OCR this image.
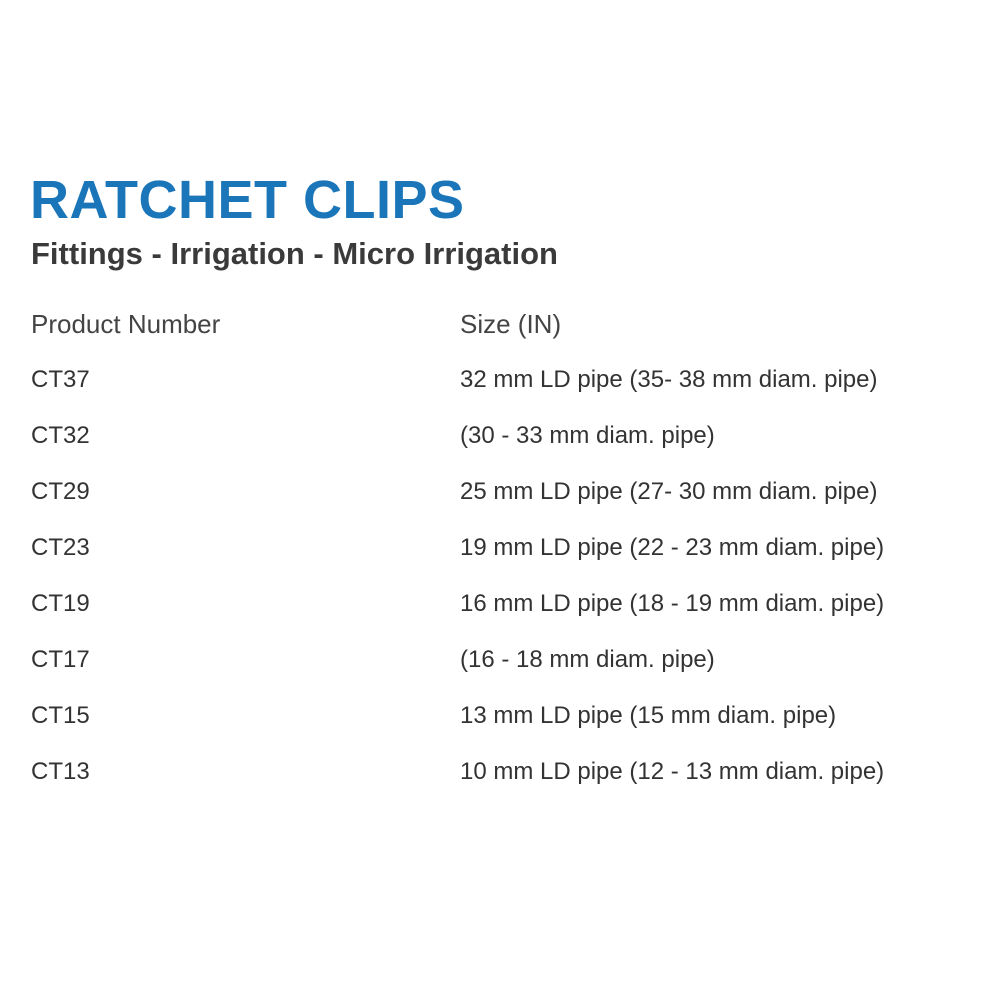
RATCHET CLIPS
Fittings - Irrigation - Micro Irrigation
Product Number	Size (IN)
CT37	32 mm LD pipe (35- 38 mm diam. pipe)
CT32	(30 - 33 mm diam. pipe)
CT29	25 mm LD pipe (27- 30 mm diam. pipe)
CT23	19 mm LD pipe (22 - 23 mm diam. pipe)
CT19	16 mm LD pipe (18 - 19 mm diam. pipe)
CT17	(16 - 18 mm diam. pipe)
CT15	13 mm LD pipe (15 mm diam. pipe)
CT13	10 mm LD pipe (12 - 13 mm diam. pipe)
